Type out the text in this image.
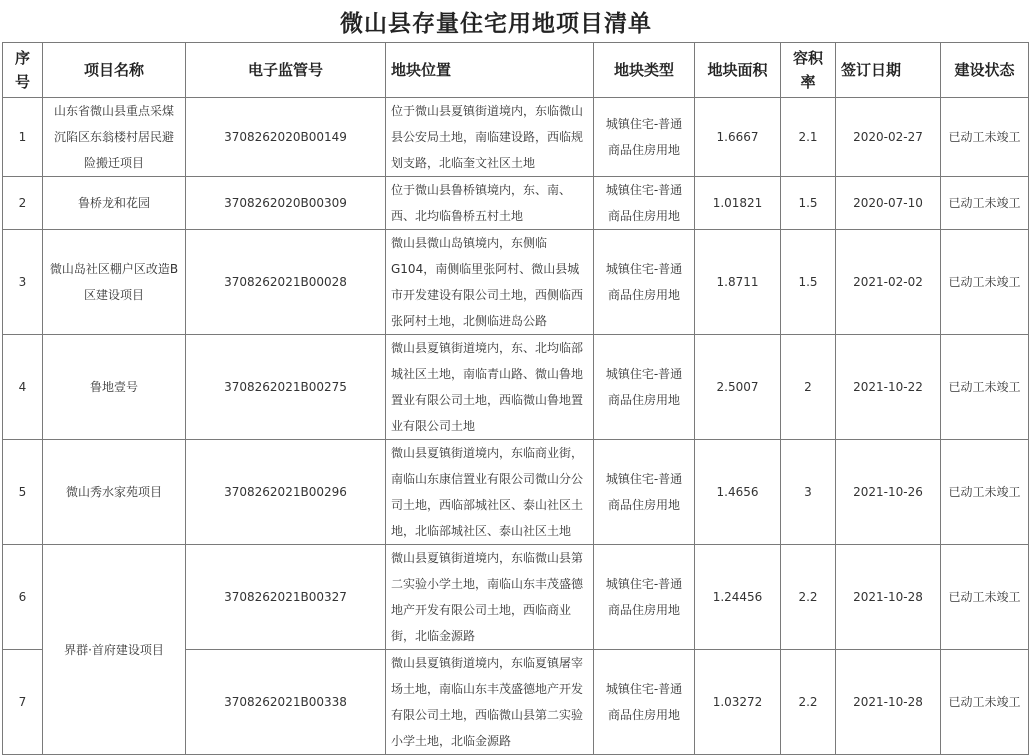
微山县存量住宅用地项目清单
序号	项目名称	电子监管号	地块位置	地块类型	地块面积	容积率	签订日期	建设状态
1	山东省微山县重点采煤沉陷区东翁楼村居民避险搬迁项目	3708262020B00149	位于微山县夏镇街道境内，东临微山县公安局土地，南临建设路，西临规划支路，北临奎文社区土地	城镇住宅-普通商品住房用地	1.6667	2.1	2020-02-27	已动工未竣工
2	鲁桥龙和花园	3708262020B00309	位于微山县鲁桥镇境内，东、南、西、北均临鲁桥五村土地	城镇住宅-普通商品住房用地	1.01821	1.5	2020-07-10	已动工未竣工
3	微山岛社区棚户区改造B区建设项目	3708262021B00028	微山县微山岛镇境内，东侧临G104，南侧临里张阿村、微山县城市开发建设有限公司土地，西侧临西张阿村土地，北侧临进岛公路	城镇住宅-普通商品住房用地	1.8711	1.5	2021-02-02	已动工未竣工
4	鲁地壹号	3708262021B00275	微山县夏镇街道境内，东、北均临部城社区土地，南临青山路、微山鲁地置业有限公司土地，西临微山鲁地置业有限公司土地	城镇住宅-普通商品住房用地	2.5007	2	2021-10-22	已动工未竣工
5	微山秀水家苑项目	3708262021B00296	微山县夏镇街道境内，东临商业街，南临山东康信置业有限公司微山分公司土地，西临部城社区、泰山社区土地，北临部城社区、泰山社区土地	城镇住宅-普通商品住房用地	1.4656	3	2021-10-26	已动工未竣工
6	界群·首府建设项目	3708262021B00327	微山县夏镇街道境内，东临微山县第二实验小学土地，南临山东丰茂盛德地产开发有限公司土地，西临商业街，北临金源路	城镇住宅-普通商品住房用地	1.24456	2.2	2021-10-28	已动工未竣工
7		3708262021B00338	微山县夏镇街道境内，东临夏镇屠宰场土地，南临山东丰茂盛德地产开发有限公司土地，西临微山县第二实验小学土地，北临金源路	城镇住宅-普通商品住房用地	1.03272	2.2	2021-10-28	已动工未竣工
